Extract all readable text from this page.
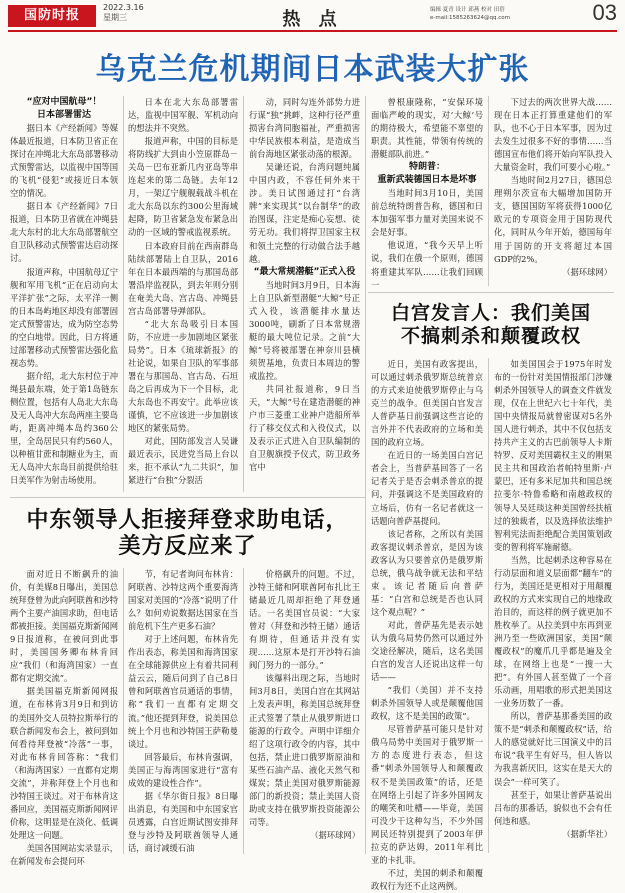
国防时报
2022.3.16
星期三	热 点	编辑 夏青 设计 邱燕 校对 田蓓
e-mail:1585263624@qq.com	03
乌克兰危机期间日本武装大扩张

“应对中国航母”！

日本部署雷达

据日本《产经新闻》等媒体最近报道，日本防卫省正在探讨在冲绳北大东岛部署移动式预警雷达，以监视中国等国的飞机“侵犯”或接近日本领空的情况。

据日本《产经新闻》7日报道，日本防卫省就在冲绳县北大东村的北大东岛部署航空自卫队移动式预警雷达启动探讨。

报道声称，中国航母辽宁舰和军用飞机“正在启动向太平洋扩张”之际，太平洋一侧的日本岛屿地区却没有部署固定式预警雷达，成为防空态势的空白地带。因此，日方将通过部署移动式预警雷达强化监视态势。

据介绍，北大东村位于冲绳县最东端，处于第1岛链东侧位置，包括有人岛北大东岛及无人岛冲大东岛两座主要岛屿，距离冲绳本岛约360公里，全岛居民只有约560人，以种植甘蔗和制糖业为主，而无人岛冲大东岛目前提供给驻日美军作为射击场使用。

日本在北大东岛部署雷达，监视中国军舰、军机动向的想法并不突然。

报道声称，中国的目标是将防线扩大到由小笠原群岛－关岛－巴布亚新几内亚岛等串连起来的第二岛链。去年12月，一架辽宁舰舰载战斗机在北大东岛以东约300公里海域起降，防卫省紧急发布紧急出动的一区域的警戒监视系统。

日本政府目前在西南群岛陆续部署陆上自卫队，2016年在日本最西端的与那国岛部署沿岸监视队，到去年则分别在奄美大岛、宫古岛、冲绳县宫古岛部署导弹部队。

“北大东岛吸引日本国防，不应进一步加剧地区紧张局势”。日本《琉球新报》的社论说，如果自卫队的军事部署在与那国岛、宫古岛、石垣岛之后再成为下一个目标，北大东岛也不再安宁。此举应该谨慎，它不应该进一步加剧该地区的紧张局势。

对此，国防部发言人吴谦最近表示，民进党当局上台以来，拒不承认“九二共识”，加紧进行“台独”分裂活

动，同时勾连外部势力进行谋“独”挑衅，这种行径严重损害台湾同胞福祉，严重损害中华民族根本利益，是造成当前台海地区紧张动荡的根源。

吴谦还说，台湾问题纯属中国内政，不容任何外来干涉。美日试图通过打“台湾牌”来实现其“以台制华”的政治图谋，注定是痴心妄想、徒劳无功。我们将捍卫国家主权和领土完整的行动做合法手越越。

“最大常规潜艇”正式入役

当地时间3月9日，日本海上自卫队新型潜艇“大鲸”号正式入役，该潜艇排水量达3000吨，刷新了日本常规潜艇的最大吨位记录。之前“大鲸”号将被部署在神奈川县横须贺基地，负责日本周边的警戒监控。

共同社报道称，9日当天，“大鲸”号在建造潜艇的神户市三菱重工业神户造船所举行了移交仪式和入役仪式，以及表示正式进入自卫队编制的自卫舰旗授予仪式，防卫政务官中

曾根康隆称，“安保环境面临严峻的现实，对‘大鲸’号的期待极大，希望能不辜望的职责。其性能，带领有传统的潜艇部队前进。”

特朗普：

重新武装德国日本是坏事

当地时间3月10日，美国前总统特朗普告称，德国和日本加强军事力量对美国来说不会是好事。

他说道，“我今天早上听说，我们在俄一个原则，德国将重建其军队……让我们回顾一

下过去的两次世界大战……现在日本正打算重建他们的军队，也不心于日本军事，因为过去发生过很多不好的事情……当德国宣布他们将开始向军队投入大量资金时，我们可要小心啦。”

当地时间2月27日，德国总理朔尔茨宣布大幅增加国防开支，德国国防军将获得1000亿欧元的专项资金用于国防现代化，同时从今年开始，德国每年用于国防的开支将超过本国GDP的2%。

（据环球网）

白宫发言人：我们美国
不搞刺杀和颠覆政权

近日，美国有政客提出，可以通过刺杀俄罗斯总统普京的方式来迫使俄罗斯停止与乌克兰的战争。但美国白宫发言人普萨基日前强调这些言论的言外并不代表政府的立场和美国的政府立场。

在近日的一场美国白宫记者会上，当普萨基回答了一名记者关于是否会刺杀普京的提问，并强调这不是美国政府的立场后，仿有一名记者就这一话题向普萨基提问。

该记者称，之所以有美国政客提议刺杀普京，是因为该政客认为只要普京仍是俄罗斯总统，俄乌战争就无法和平结束。该记者随后向普萨基：“白宫和总统是否也认同这个观点呢？”

对此，普萨基先是表示她认为俄乌局势仍然可以通过外交途径解决，随后，这名美国白宫的发言人还说出这样一句话——

“我们（美国）并不支持刺杀外国领导人或是颠覆他国政权，这不是美国的政策”。

尽管普萨基可能只是针对俄乌局势中美国对于俄罗斯一方的态度进行表态，但这番“刺杀外国领导人和颠覆政权不是美国政策”的话，还是在网络上引起了许多外国网友的嘲笑和吐槽——毕竟，美国可没少干这种勾当，不少外国网民还特别提到了2003年伊拉克的萨达姆，2011年利比亚的卡扎菲。

不过，美国的刺杀和颠覆政权行为还不止这两例。

如美国国会于1975年时发布的一份针对美国情报部门涉嫌刺杀外国领导人的调查文件就发现，仅在上世纪六七十年代，美国中央情报局就曾密谋对5名外国人进行刺杀，其中不仅包括支持共产主义的古巴前领导人卡斯特罗、反对美国霸权主义的刚果民主共和国政治者帕特里斯·卢蒙巴，还有多米尼加共和国总统拉斐尔·特鲁希略和南越政权的领导人吴廷琰这种美国曾经扶植过的独裁者，以及选择依法维护智利宪法而拒绝配合美国策划政变的智利将军施耐德。

当然，比起刺杀这种容易在行动层面和道义层面都“翻车”的行为，美国还是更相对于用颠覆政权的方式来实现自己的地缘政治目的，而这样的例子就更加不胜枚举了。从拉美到中东再到亚洲乃至一些欧洲国家，美国“颠覆政权”的魔爪几乎都是遍及全球，在网络上也是“一搜一大把”。有外国人甚至做了一个音乐动画，用唱歌的形式把美国这一业务历数了一番。

所以，普萨基那番美国的政策不是“刺杀和颠覆政权”话，给人的感觉就好比三国演义中的吕布说“我平生有好马，但人皆以为我喜新厌旧，这实在是天大的误会”一样可笑了。

甚至于，如果让普萨基说出吕布的那番话，貌似也不会有任何违和感。

（据新华社）

中东领导人拒接拜登求助电话，
美方反应来了

面对近日不断飙升的油价，有美媒8日曝出，美国总统拜登曾为此向阿联酋和沙特两个主要产油国求助，但电话都被拒接。美国福克斯新闻网9日报道称，在被问到此事时，美国国务卿布林肯回应“我们（和海湾国家）一直都有定期交流”。

据美国福克斯新闻网报道，在布林肯3月9日和到访的美国外交人员特拉斯举行的联合新闻发布会上，被问到如何看待拜登被“冷落”一事，对此布林肯回答称：“我们（和海湾国家）一直都有定期交流”，并称拜登上个月也和沙特国王谈过。对于布林肯这番回应，美国福克斯新闻网评价称，这明显是在淡化、低调处理这一问题。

美国各国网站实录显示，在新闻发布会提问环

节，有记者询问布林肯：阿联酋、沙特这两个重要海湾国家对美国的“冷落”说明了什么？如何劝说数据达国家在当前危机下生产更多石油？

对于上述问题，布林肯先作出表态，称美国和海湾国家在全球能源供应上有着共同利益云云，随后问到了自己8日曾和阿联酋官员通话的事情，称“我们一直都有定期交流。”他还提到拜登，说美国总统上个月也和沙特国王萨勒曼谈过。

回答最后，布林肯强调，美国正与海湾国家进行“富有成效的建设性合作”。

据《华尔街日报》8日曝出消息，有美国和中东国家官员透露，白宫近期试图安排拜登与沙特及阿联酋领导人通话，商讨减缓石油

价格飙升的问题。不过，沙特王储和阿联酋阿布扎比王储最近几周却拒绝了拜登通话。一名美国官员说：“大家曾对（拜登和沙特王储）通话有期待，但通话并没有实现……这原本是打开沙特石油阀门努力的一部分。”

该爆料出现之际，当地时间3月8日，美国白宫在其网站上发表声明，称美国总统拜登正式签署了禁止从俄罗斯进口能源的行政令。声明中详细介绍了这项行政令的内容，其中包括，禁止进口俄罗斯原油和某些石油产品、液化天然气和煤炭；禁止美国对俄罗斯能源部门的新投资；禁止美国人资助或支持在俄罗斯投资能源公司等。

（据环球网）
